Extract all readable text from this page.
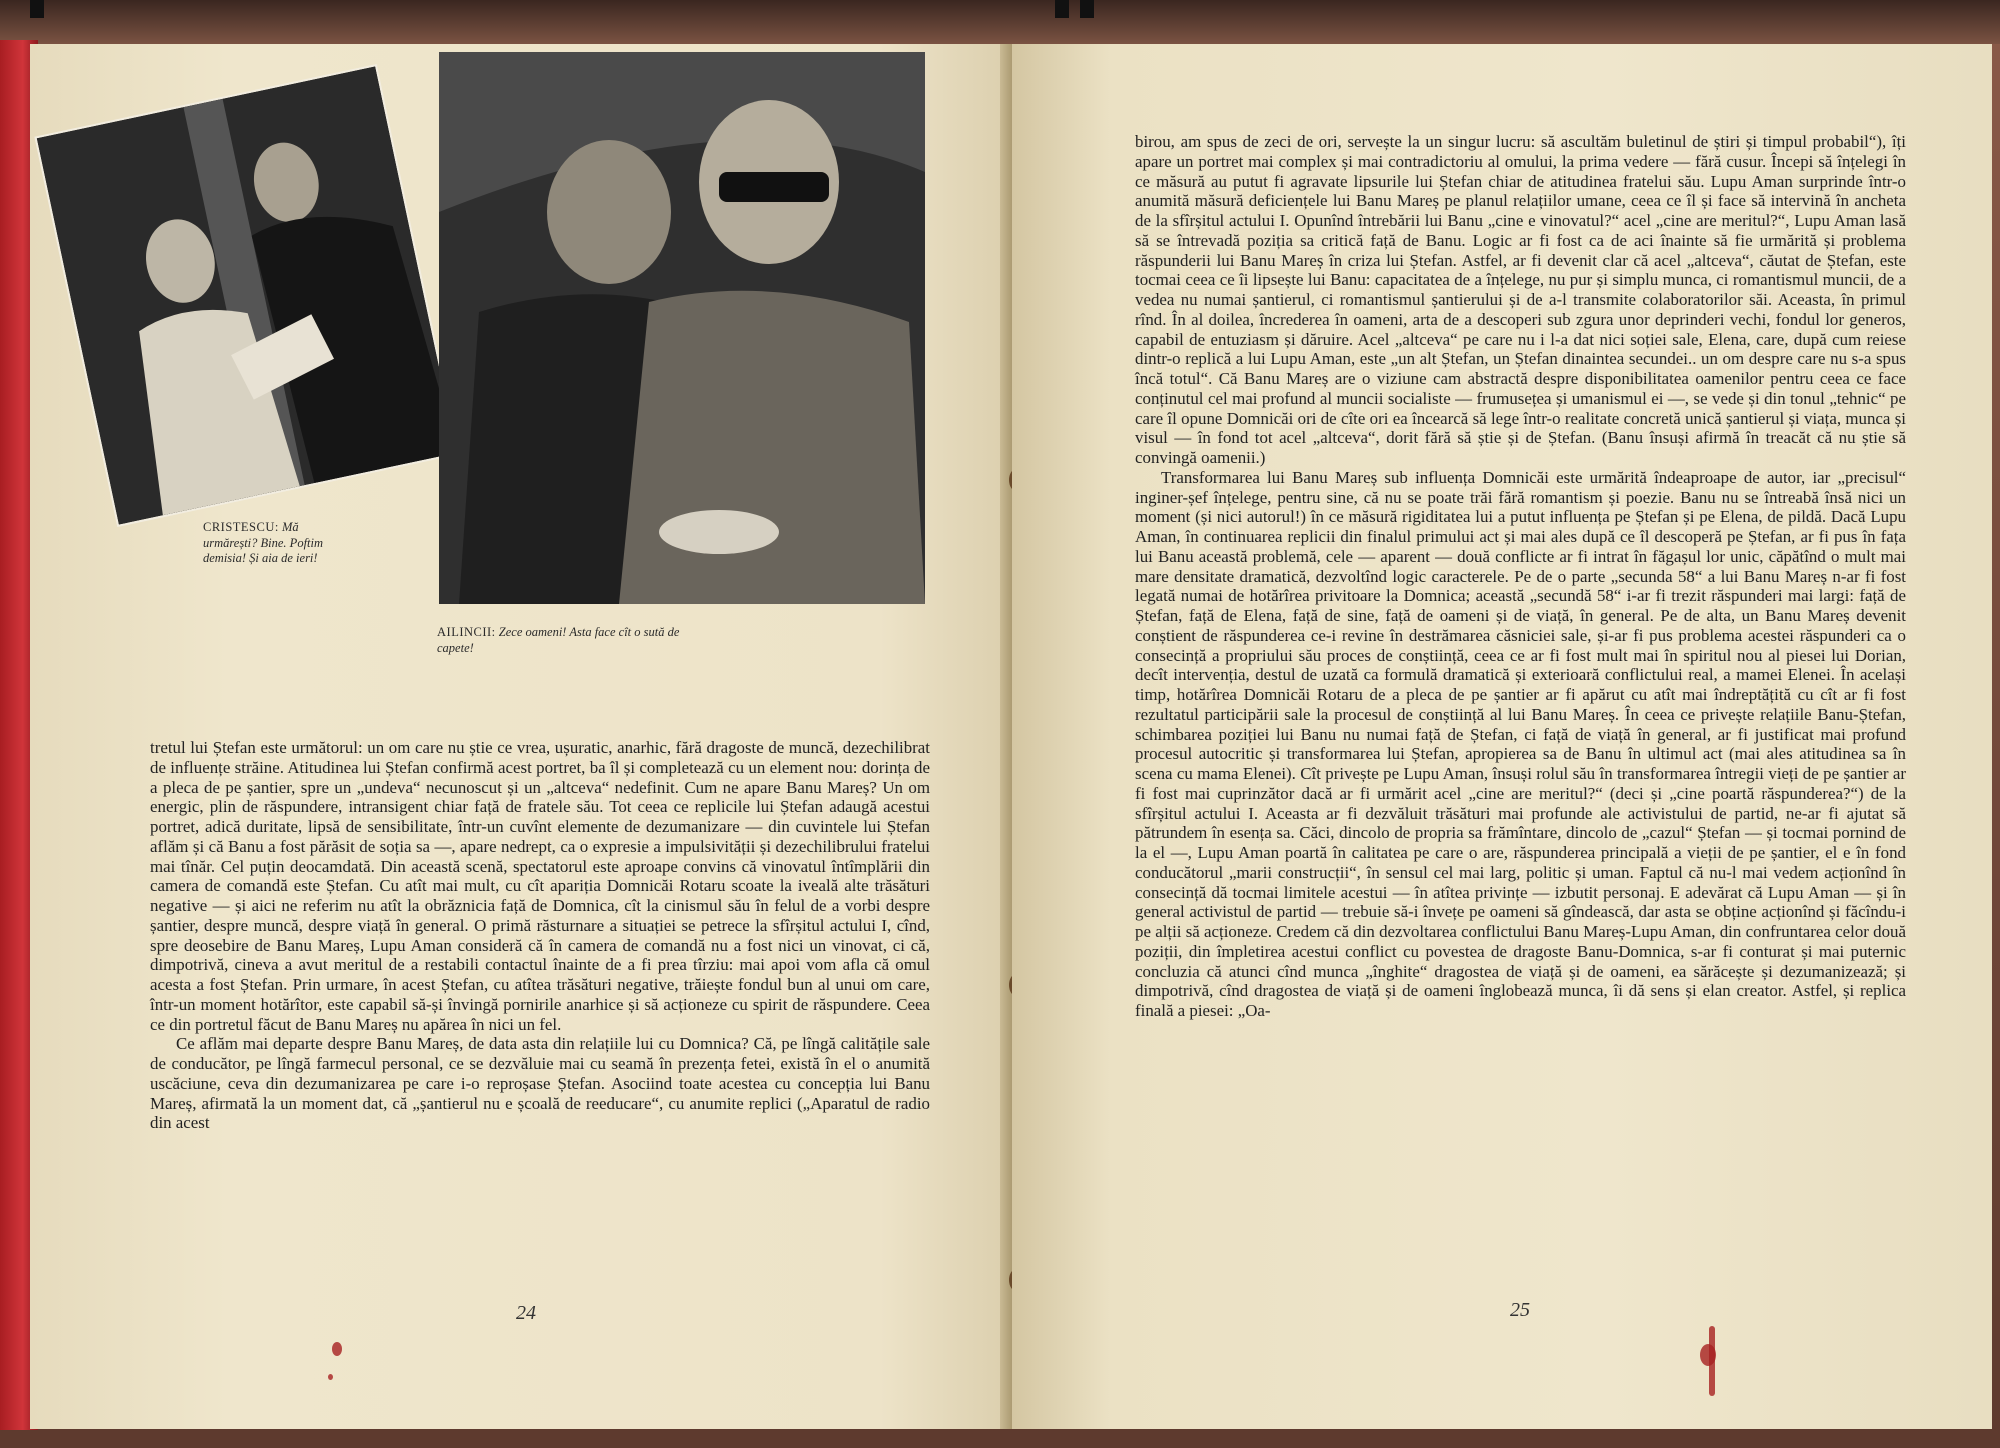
CRISTESCU: Mă urmărești? Bine. Poftim demisia! Și aia de ieri!

AILINCII: Zece oameni! Asta face cît o sută de capete!

tretul lui Ștefan este următorul: un om care nu știe ce vrea, ușuratic, anarhic, fără dragoste de muncă, dezechilibrat de influențe străine. Atitudinea lui Ștefan confirmă acest portret, ba îl și completează cu un element nou: dorința de a pleca de pe șantier, spre un „undeva“ necunoscut și un „altceva“ nedefinit. Cum ne apare Banu Mareș? Un om energic, plin de răspundere, intransigent chiar față de fratele său. Tot ceea ce replicile lui Ștefan adaugă acestui portret, adică duritate, lipsă de sensibilitate, într-un cuvînt elemente de dezumanizare — din cuvintele lui Ștefan aflăm și că Banu a fost părăsit de soția sa —, apare nedrept, ca o expresie a impulsivității și dezechilibrului fratelui mai tînăr. Cel puțin deocamdată. Din această scenă, spectatorul este aproape convins că vinovatul întîmplării din camera de comandă este Ștefan. Cu atît mai mult, cu cît apariția Domnicăi Rotaru scoate la iveală alte trăsături negative — și aici ne referim nu atît la obrăznicia față de Domnica, cît la cinismul său în felul de a vorbi despre șantier, despre muncă, despre viață în general. O primă răsturnare a situației se petrece la sfîrșitul actului I, cînd, spre deosebire de Banu Mareș, Lupu Aman consideră că în camera de comandă nu a fost nici un vinovat, ci că, dimpotrivă, cineva a avut meritul de a restabili contactul înainte de a fi prea tîrziu: mai apoi vom afla că omul acesta a fost Ștefan. Prin urmare, în acest Ștefan, cu atîtea trăsături negative, trăiește fondul bun al unui om care, într-un moment hotărîtor, este capabil să-și învingă pornirile anarhice și să acționeze cu spirit de răspundere. Ceea ce din portretul făcut de Banu Mareș nu apărea în nici un fel.

Ce aflăm mai departe despre Banu Mareș, de data asta din relațiile lui cu Domnica? Că, pe lîngă calitățile sale de conducător, pe lîngă farmecul personal, ce se dezvăluie mai cu seamă în prezența fetei, există în el o anumită uscăciune, ceva din dezumanizarea pe care i-o reproșase Ștefan. Asociind toate acestea cu concepția lui Banu Mareș, afirmată la un moment dat, că „șantierul nu e școală de reeducare“, cu anumite replici („Aparatul de radio din acest

24

birou, am spus de zeci de ori, servește la un singur lucru: să ascultăm buletinul de știri și timpul probabil“), îți apare un portret mai complex și mai contradictoriu al omului, la prima vedere — fără cusur. Începi să înțelegi în ce măsură au putut fi agravate lipsurile lui Ștefan chiar de atitudinea fratelui său. Lupu Aman surprinde într-o anumită măsură deficiențele lui Banu Mareș pe planul relațiilor umane, ceea ce îl și face să intervină în ancheta de la sfîrșitul actului I. Opunînd întrebării lui Banu „cine e vinovatul?“ acel „cine are meritul?“, Lupu Aman lasă să se întrevadă poziția sa critică față de Banu. Logic ar fi fost ca de aci înainte să fie urmărită și problema răspunderii lui Banu Mareș în criza lui Ștefan. Astfel, ar fi devenit clar că acel „altceva“, căutat de Ștefan, este tocmai ceea ce îi lipsește lui Banu: capacitatea de a înțelege, nu pur și simplu munca, ci romantismul muncii, de a vedea nu numai șantierul, ci romantismul șantierului și de a-l transmite colaboratorilor săi. Aceasta, în primul rînd. În al doilea, încrederea în oameni, arta de a descoperi sub zgura unor deprinderi vechi, fondul lor generos, capabil de entuziasm și dăruire. Acel „altceva“ pe care nu i l-a dat nici soției sale, Elena, care, după cum reiese dintr-o replică a lui Lupu Aman, este „un alt Ștefan, un Ștefan dinaintea secundei.. un om despre care nu s-a spus încă totul“. Că Banu Mareș are o viziune cam abstractă despre disponibilitatea oamenilor pentru ceea ce face conținutul cel mai profund al muncii socialiste — frumusețea și umanismul ei —, se vede și din tonul „tehnic“ pe care îl opune Domnicăi ori de cîte ori ea încearcă să lege într-o realitate concretă unică șantierul și viața, munca și visul — în fond tot acel „altceva“, dorit fără să știe și de Ștefan. (Banu însuși afirmă în treacăt că nu știe să convingă oamenii.)

Transformarea lui Banu Mareș sub influența Domnicăi este urmărită îndeaproape de autor, iar „precisul“ inginer-șef înțelege, pentru sine, că nu se poate trăi fără romantism și poezie. Banu nu se întreabă însă nici un moment (și nici autorul!) în ce măsură rigiditatea lui a putut influența pe Ștefan și pe Elena, de pildă. Dacă Lupu Aman, în continuarea replicii din finalul primului act și mai ales după ce îl descoperă pe Ștefan, ar fi pus în fața lui Banu această problemă, cele — aparent — două conflicte ar fi intrat în făgașul lor unic, căpătînd o mult mai mare densitate dramatică, dezvoltînd logic caracterele. Pe de o parte „secunda 58“ a lui Banu Mareș n-ar fi fost legată numai de hotărîrea privitoare la Domnica; această „secundă 58“ i-ar fi trezit răspunderi mai largi: față de Ștefan, față de Elena, față de sine, față de oameni și de viață, în general. Pe de alta, un Banu Mareș devenit conștient de răspunderea ce-i revine în destrămarea căsniciei sale, și-ar fi pus problema acestei răspunderi ca o consecință a propriului său proces de conștiință, ceea ce ar fi fost mult mai în spiritul nou al piesei lui Dorian, decît intervenția, destul de uzată ca formulă dramatică și exterioară conflictului real, a mamei Elenei. În același timp, hotărîrea Domnicăi Rotaru de a pleca de pe șantier ar fi apărut cu atît mai îndreptățită cu cît ar fi fost rezultatul participării sale la procesul de conștiință al lui Banu Mareș. În ceea ce privește relațiile Banu-Ștefan, schimbarea poziției lui Banu nu numai față de Ștefan, ci față de viață în general, ar fi justificat mai profund procesul autocritic și transformarea lui Ștefan, apropierea sa de Banu în ultimul act (mai ales atitudinea sa în scena cu mama Elenei). Cît privește pe Lupu Aman, însuși rolul său în transformarea întregii vieți de pe șantier ar fi fost mai cuprinzător dacă ar fi urmărit acel „cine are meritul?“ (deci și „cine poartă răspunderea?“) de la sfîrșitul actului I. Aceasta ar fi dezvăluit trăsături mai profunde ale activistului de partid, ne-ar fi ajutat să pătrundem în esența sa. Căci, dincolo de propria sa frămîntare, dincolo de „cazul“ Ștefan — și tocmai pornind de la el —, Lupu Aman poartă în calitatea pe care o are, răspunderea principală a vieții de pe șantier, el e în fond conducătorul „marii construcții“, în sensul cel mai larg, politic și uman. Faptul că nu-l mai vedem acționînd în consecință dă tocmai limitele acestui — în atîtea privințe — izbutit personaj. E adevărat că Lupu Aman — și în general activistul de partid — trebuie să-i învețe pe oameni să gîndească, dar asta se obține acționînd și făcîndu-i pe alții să acționeze. Credem că din dezvoltarea conflictului Banu Mareș-Lupu Aman, din confruntarea celor două poziții, din împletirea acestui conflict cu povestea de dragoste Banu-Domnica, s-ar fi conturat și mai puternic concluzia că atunci cînd munca „înghite“ dragostea de viață și de oameni, ea sărăcește și dezumanizează; și dimpotrivă, cînd dragostea de viață și de oameni înglobează munca, îi dă sens și elan creator. Astfel, și replica finală a piesei: „Oa-

25
